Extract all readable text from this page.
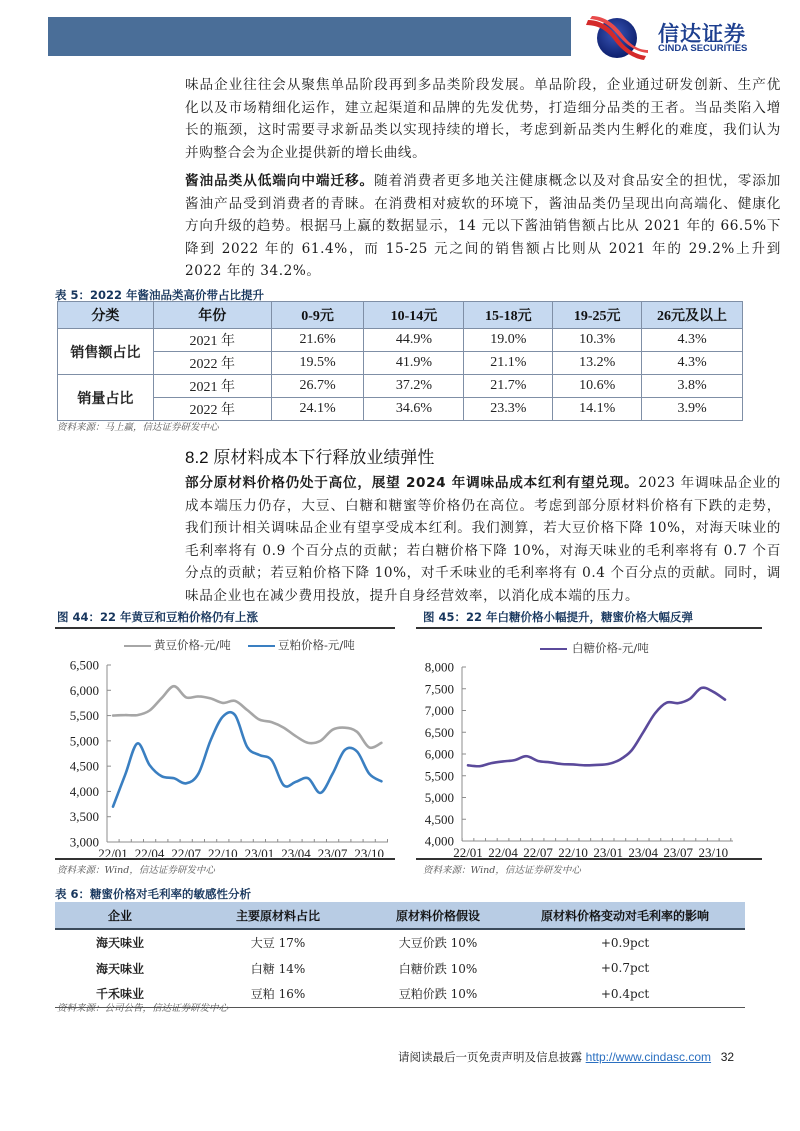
信达证券
CINDA SECURITIES
味品企业往往会从聚焦单品阶段再到多品类阶段发展。单品阶段，企业通过研发创新、生产优化以及市场精细化运作，建立起渠道和品牌的先发优势，打造细分品类的王者。当品类陷入增长的瓶颈，这时需要寻求新品类以实现持续的增长，考虑到新品类内生孵化的难度，我们认为并购整合会为企业提供新的增长曲线。
酱油品类从低端向中端迁移。随着消费者更多地关注健康概念以及对食品安全的担忧，零添加酱油产品受到消费者的青睐。在消费相对疲软的环境下，酱油品类仍呈现出向高端化、健康化方向升级的趋势。根据马上赢的数据显示，14 元以下酱油销售额占比从 2021 年的 66.5%下降到 2022 年的 61.4%，而 15-25 元之间的销售额占比则从 2021 年的 29.2%上升到 2022 年的 34.2%。
表 5：2022 年酱油品类高价带占比提升
分类	年份	0-9元	10-14元	15-18元	19-25元	26元及以上
销售额占比	2021 年	21.6%	44.9%	19.0%	10.3%	4.3%
	2022 年	19.5%	41.9%	21.1%	13.2%	4.3%
销量占比	2021 年	26.7%	37.2%	21.7%	10.6%	3.8%
	2022 年	24.1%	34.6%	23.3%	14.1%	3.9%
资料来源：马上赢，信达证券研发中心
8.2 原材料成本下行释放业绩弹性
部分原材料价格仍处于高位，展望 2024 年调味品成本红利有望兑现。2023 年调味品企业的成本端压力仍存，大豆、白糖和糖蜜等价格仍在高位。考虑到部分原材料价格有下跌的走势，我们预计相关调味品企业有望享受成本红利。我们测算，若大豆价格下降 10%，对海天味业的毛利率将有 0.9 个百分点的贡献；若白糖价格下降 10%，对海天味业的毛利率将有 0.7 个百分点的贡献；若豆粕价格下降 10%，对千禾味业的毛利率将有 0.4 个百分点的贡献。同时，调味品企业也在减少费用投放，提升自身经营效率，以消化成本端的压力。
图 44：22 年黄豆和豆粕价格仍有上涨
黄豆价格-元/吨	豆粕价格-元/吨
3,000
3,500
4,000
4,500
5,000
5,500
6,000
6,500
22/01 22/04 22/07 22/10 23/01 23/04 23/07 23/10
资料来源：Wind，信达证券研发中心
图 45：22 年白糖价格小幅提升，糖蜜价格大幅反弹
白糖价格-元/吨
4,000
4,500
5,000
5,500
6,000
6,500
7,000
7,500
8,000
22/01 22/04 22/07 22/10 23/01 23/04 23/07 23/10
资料来源：Wind，信达证券研发中心
表 6：糖蜜价格对毛利率的敏感性分析
企业	主要原材料占比	原材料价格假设	原材料价格变动对毛利率的影响
海天味业	大豆 17%	大豆价跌 10%	+0.9pct
海天味业	白糖 14%	白糖价跌 10%	+0.7pct
千禾味业	豆粕 16%	豆粕价跌 10%	+0.4pct
资料来源：公司公告，信达证券研发中心
请阅读最后一页免责声明及信息披露 http://www.cindasc.com 32
